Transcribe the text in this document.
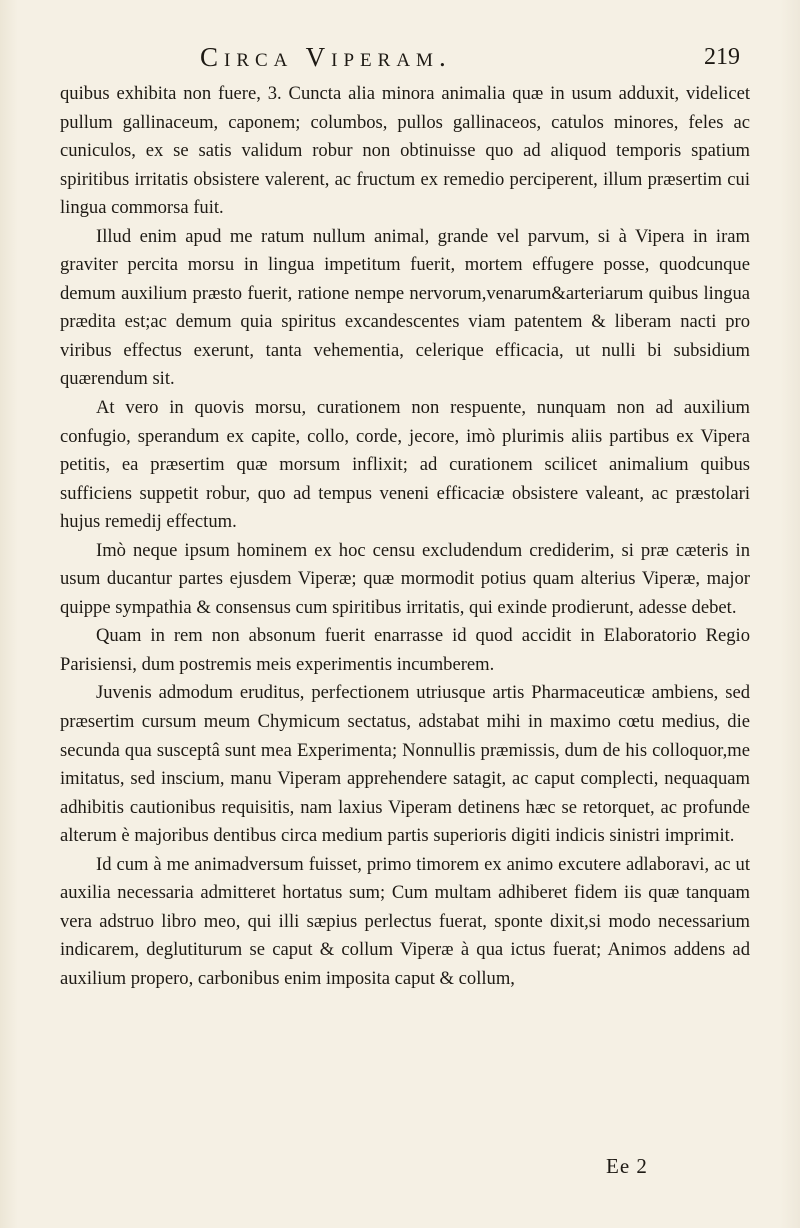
Circa Viperam.	219

quibus exhibita non fuere, 3. Cuncta alia minora animalia quæ in usum adduxit, videlicet pullum gallinaceum, caponem; columbos, pullos gallinaceos, catulos minores, feles ac cuniculos, ex se satis validum robur non obtinuisse quo ad aliquod temporis spatium spiritibus irritatis obsistere valerent, ac fructum ex remedio perciperent, illum præsertim cui lingua commorsa fuit.

Illud enim apud me ratum nullum animal, grande vel parvum, si à Vipera in iram graviter percita morsu in lingua impetitum fuerit, mortem effugere posse, quodcunque demum auxilium præsto fuerit, ratione nempe nervorum,venarum&arteriarum quibus lingua prædita est;ac demum quia spiritus excandescentes viam patentem & liberam nacti pro viribus effectus exerunt, tanta vehementia, celerique efficacia, ut nulli bi subsidium quærendum sit.

At vero in quovis morsu, curationem non respuente, nunquam non ad auxilium confugio, sperandum ex capite, collo, corde, jecore, imò plurimis aliis partibus ex Vipera petitis, ea præsertim quæ morsum inflixit; ad curationem scilicet animalium quibus sufficiens suppetit robur, quo ad tempus veneni efficaciæ obsistere valeant, ac præstolari hujus remedij effectum.

Imò neque ipsum hominem ex hoc censu excludendum crediderim, si præ cæteris in usum ducantur partes ejusdem Viperæ; quæ mormodit potius quam alterius Viperæ, major quippe sympathia & consensus cum spiritibus irritatis, qui exinde prodierunt, adesse debet.

Quam in rem non absonum fuerit enarrasse id quod accidit in Elaboratorio Regio Parisiensi, dum postremis meis experimentis incumberem.

Juvenis admodum eruditus, perfectionem utriusque artis Pharmaceuticæ ambiens, sed præsertim cursum meum Chymicum sectatus, adstabat mihi in maximo cœtu medius, die secunda qua susceptâ sunt mea Experimenta; Nonnullis præmissis, dum de his colloquor,me imitatus, sed inscium, manu Viperam apprehendere satagit, ac caput complecti, nequaquam adhibitis cautionibus requisitis, nam laxius Viperam detinens hæc se retorquet, ac profunde alterum è majoribus dentibus circa medium partis superioris digiti indicis sinistri imprimit.

Id cum à me animadversum fuisset, primo timorem ex animo excutere adlaboravi, ac ut auxilia necessaria admitteret hortatus sum; Cum multam adhiberet fidem iis quæ tanquam vera adstruo libro meo, qui illi sæpius perlectus fuerat, sponte dixit,si modo necessarium indicarem, deglutiturum se caput & collum Viperæ à qua ictus fuerat; Animos addens ad auxilium propero, carbonibus enim imposita caput & collum,

Ee 2
